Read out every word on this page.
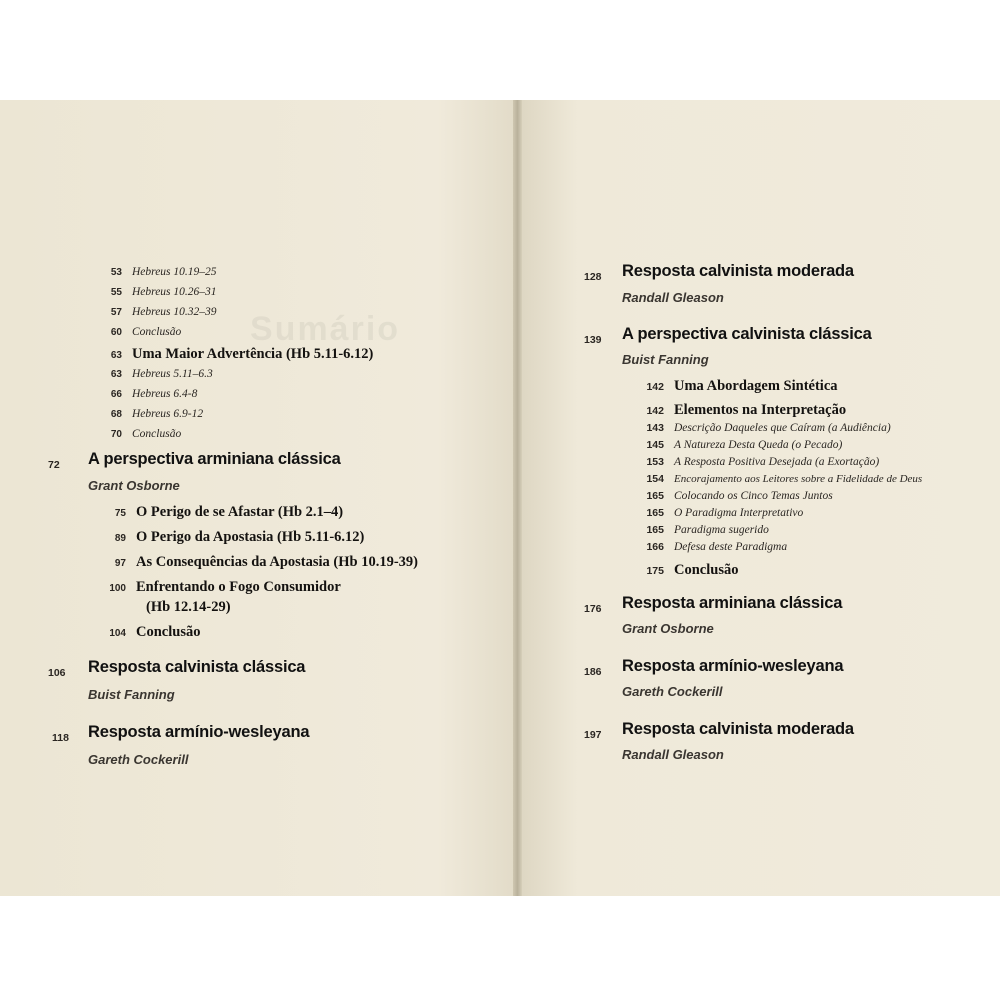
Sumário
53 Hebreus 10.19–25
55 Hebreus 10.26–31
57 Hebreus 10.32–39
60 Conclusão
63 Uma Maior Advertência (Hb 5.11-6.12)
63 Hebreus 5.11–6.3
66 Hebreus 6.4-8
68 Hebreus 6.9-12
70 Conclusão
72 A perspectiva arminiana clássica
Grant Osborne
75 O Perigo de se Afastar (Hb 2.1–4)
89 O Perigo da Apostasia (Hb 5.11-6.12)
97 As Consequências da Apostasia (Hb 10.19-39)
100 Enfrentando o Fogo Consumidor
(Hb 12.14-29)
104 Conclusão
106 Resposta calvinista clássica
Buist Fanning
118 Resposta armínio-wesleyana
Gareth Cockerill
128 Resposta calvinista moderada
Randall Gleason
139 A perspectiva calvinista clássica
Buist Fanning
142 Uma Abordagem Sintética
142 Elementos na Interpretação
143 Descrição Daqueles que Caíram (a Audiência)
145 A Natureza Desta Queda (o Pecado)
153 A Resposta Positiva Desejada (a Exortação)
154 Encorajamento aos Leitores sobre a Fidelidade de Deus
165 Colocando os Cinco Temas Juntos
165 O Paradigma Interpretativo
165 Paradigma sugerido
166 Defesa deste Paradigma
175 Conclusão
176 Resposta arminiana clássica
Grant Osborne
186 Resposta armínio-wesleyana
Gareth Cockerill
197 Resposta calvinista moderada
Randall Gleason
